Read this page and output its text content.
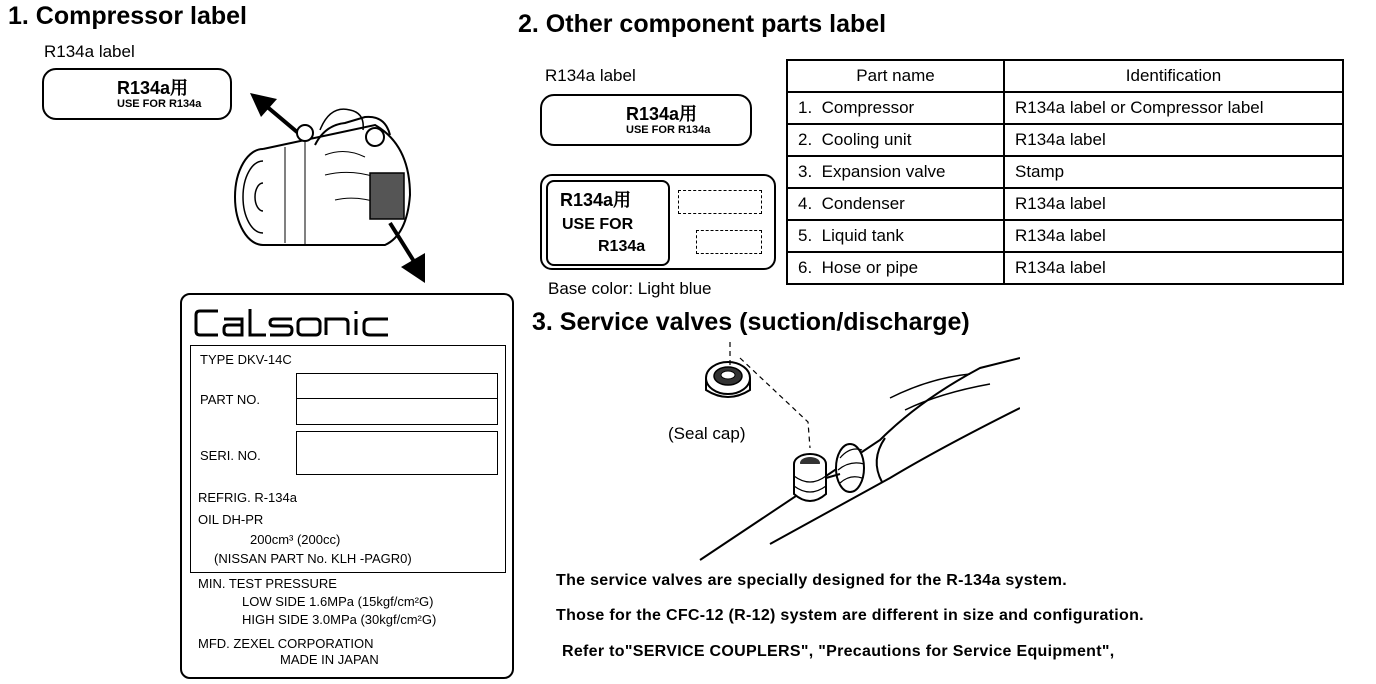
1. Compressor label
R134a label
R134a用
USE FOR R134a
TYPE DKV-14C
PART NO.
SERI. NO.
REFRIG. R-134a
OIL DH-PR
200cm³ (200cc)
(NISSAN PART No. KLH -PAGR0)
MIN. TEST PRESSURE
LOW SIDE 1.6MPa (15kgf/cm²G)
HIGH SIDE 3.0MPa (30kgf/cm²G)
MFD. ZEXEL CORPORATION
MADE IN JAPAN
2. Other component parts label
R134a label
R134a用
USE FOR R134a
R134a用
USE FOR
R134a
Base color: Light blue
Part name	Identification
1. Compressor	R134a label or Compressor label
2. Cooling unit	R134a label
3. Expansion valve	Stamp
4. Condenser	R134a label
5. Liquid tank	R134a label
6. Hose or pipe	R134a label
3. Service valves (suction/discharge)
(Seal cap)
The service valves are specially designed for the R-134a system.
Those for the CFC-12 (R-12) system are different in size and configuration.
Refer to"SERVICE COUPLERS", "Precautions for Service Equipment",
